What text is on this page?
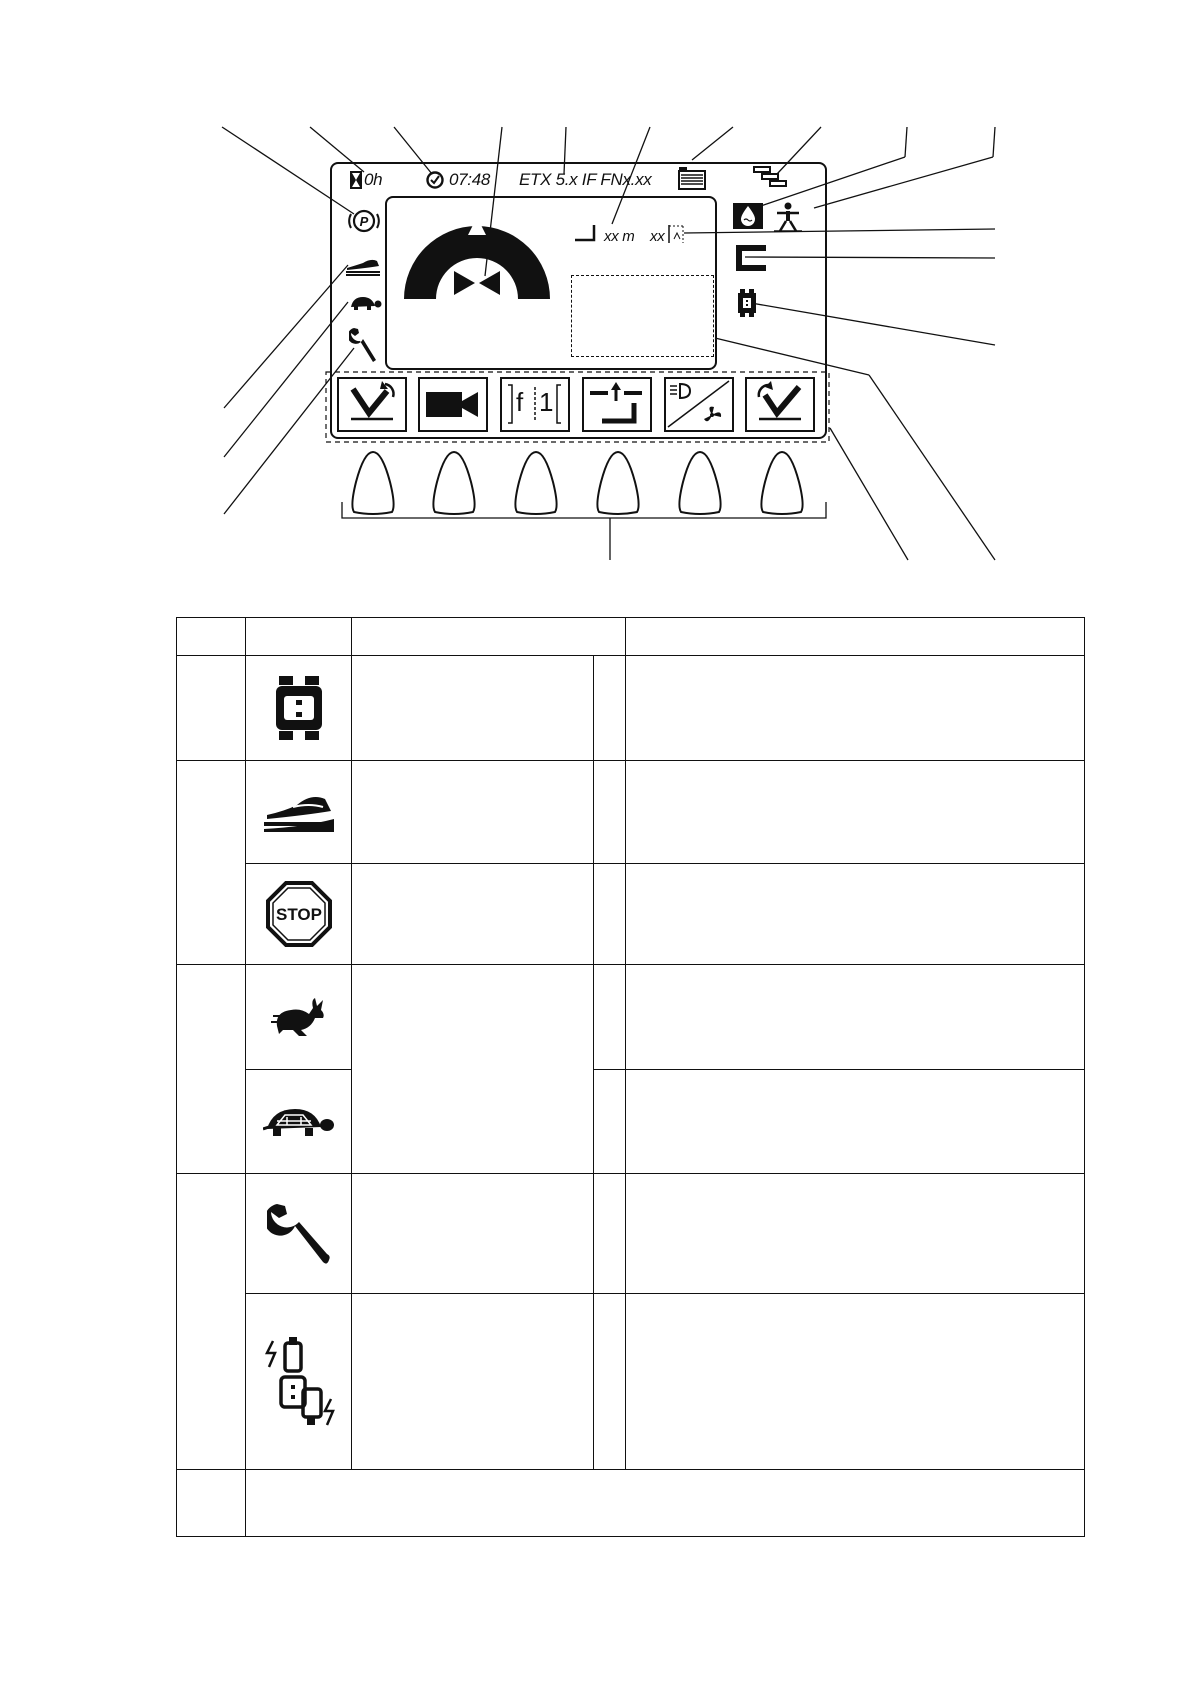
0h	07:48 ETX 5.x IF FNx.xx
P
xx m xx
f 1

STOP			
